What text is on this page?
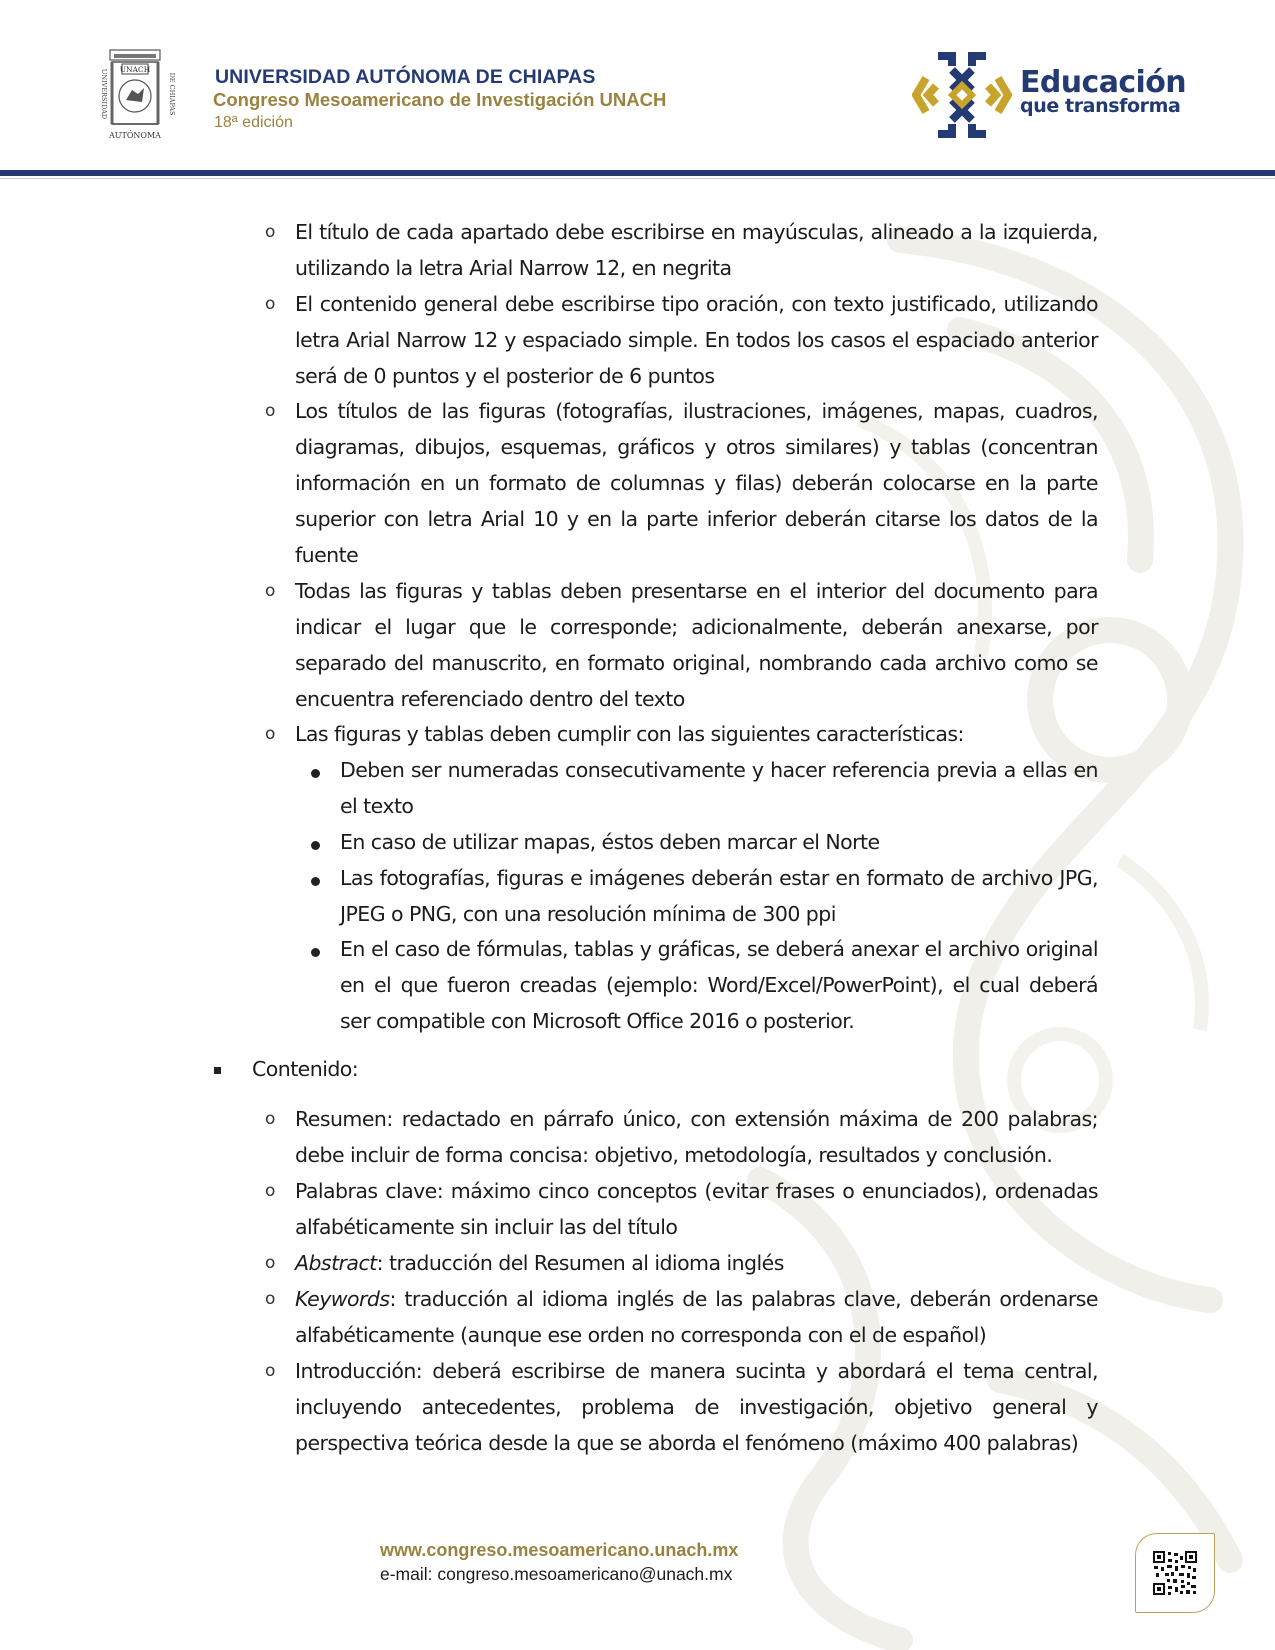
UNACH
UNIVERSIDAD	DE CHIAPAS
AUTÓNOMA

UNIVERSIDAD AUTÓNOMA DE CHIAPAS

Congreso Mesoamericano de Investigación UNACH

18ª edición

Educación

que transforma

o El título de cada apartado debe escribirse en mayúsculas, alineado a la izquierda, utilizando la letra Arial Narrow 12, en negrita

o El contenido general debe escribirse tipo oración, con texto justificado, utilizando letra Arial Narrow 12 y espaciado simple. En todos los casos el espaciado anterior será de 0 puntos y el posterior de 6 puntos

o Los títulos de las figuras (fotografías, ilustraciones, imágenes, mapas, cuadros, diagramas, dibujos, esquemas, gráficos y otros similares) y tablas (concentran información en un formato de columnas y filas) deberán colocarse en la parte superior con letra Arial 10 y en la parte inferior deberán citarse los datos de la fuente

o Todas las figuras y tablas deben presentarse en el interior del documento para indicar el lugar que le corresponde; adicionalmente, deberán anexarse, por separado del manuscrito, en formato original, nombrando cada archivo como se encuentra referenciado dentro del texto

o Las figuras y tablas deben cumplir con las siguientes características:

Deben ser numeradas consecutivamente y hacer referencia previa a ellas en el texto

En caso de utilizar mapas, éstos deben marcar el Norte

Las fotografías, figuras e imágenes deberán estar en formato de archivo JPG, JPEG o PNG, con una resolución mínima de 300 ppi

En el caso de fórmulas, tablas y gráficas, se deberá anexar el archivo original en el que fueron creadas (ejemplo: Word/Excel/PowerPoint), el cual deberá ser compatible con Microsoft Office 2016 o posterior.

Contenido:

o Resumen: redactado en párrafo único, con extensión máxima de 200 palabras; debe incluir de forma concisa: objetivo, metodología, resultados y conclusión.

o Palabras clave: máximo cinco conceptos (evitar frases o enunciados), ordenadas alfabéticamente sin incluir las del título

o Abstract: traducción del Resumen al idioma inglés

o Keywords: traducción al idioma inglés de las palabras clave, deberán ordenarse alfabéticamente (aunque ese orden no corresponda con el de español)

o Introducción: deberá escribirse de manera sucinta y abordará el tema central, incluyendo antecedentes, problema de investigación, objetivo general y perspectiva teórica desde la que se aborda el fenómeno (máximo 400 palabras)

www.congreso.mesoamericano.unach.mx

e-mail: congreso.mesoamericano@unach.mx
